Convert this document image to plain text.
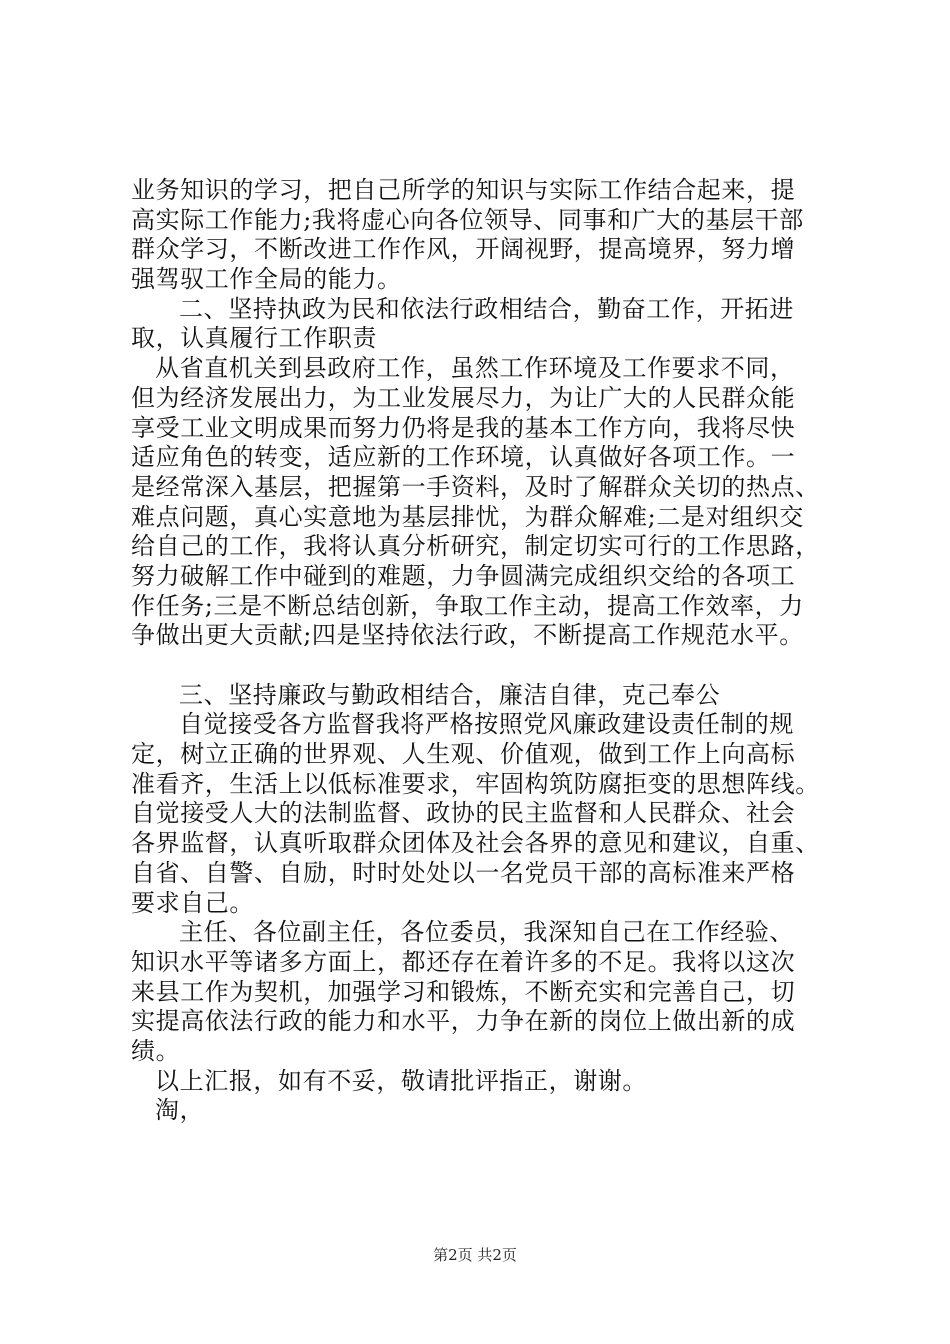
业务知识的学习，把自己所学的知识与实际工作结合起来，提
高实际工作能力;我将虚心向各位领导、同事和广大的基层干部
群众学习，不断改进工作作风，开阔视野，提高境界，努力增
强驾驭工作全局的能力。
二、坚持执政为民和依法行政相结合，勤奋工作，开拓进
取，认真履行工作职责
从省直机关到县政府工作，虽然工作环境及工作要求不同，
但为经济发展出力，为工业发展尽力，为让广大的人民群众能
享受工业文明成果而努力仍将是我的基本工作方向，我将尽快
适应角色的转变，适应新的工作环境，认真做好各项工作。一
是经常深入基层，把握第一手资料，及时了解群众关切的热点、
难点问题，真心实意地为基层排忧，为群众解难;二是对组织交
给自己的工作，我将认真分析研究，制定切实可行的工作思路，
努力破解工作中碰到的难题，力争圆满完成组织交给的各项工
作任务;三是不断总结创新，争取工作主动，提高工作效率，力
争做出更大贡献;四是坚持依法行政，不断提高工作规范水平。
三、坚持廉政与勤政相结合，廉洁自律，克己奉公
自觉接受各方监督我将严格按照党风廉政建设责任制的规
定，树立正确的世界观、人生观、价值观，做到工作上向高标
准看齐，生活上以低标准要求，牢固构筑防腐拒变的思想阵线。
自觉接受人大的法制监督、政协的民主监督和人民群众、社会
各界监督，认真听取群众团体及社会各界的意见和建议，自重、
自省、自警、自励，时时处处以一名党员干部的高标准来严格
要求自己。
主任、各位副主任，各位委员，我深知自己在工作经验、
知识水平等诸多方面上，都还存在着许多的不足。我将以这次
来县工作为契机，加强学习和锻炼，不断充实和完善自己，切
实提高依法行政的能力和水平，力争在新的岗位上做出新的成
绩。
以上汇报，如有不妥，敬请批评指正，谢谢。
淘，
第2页 共2页
